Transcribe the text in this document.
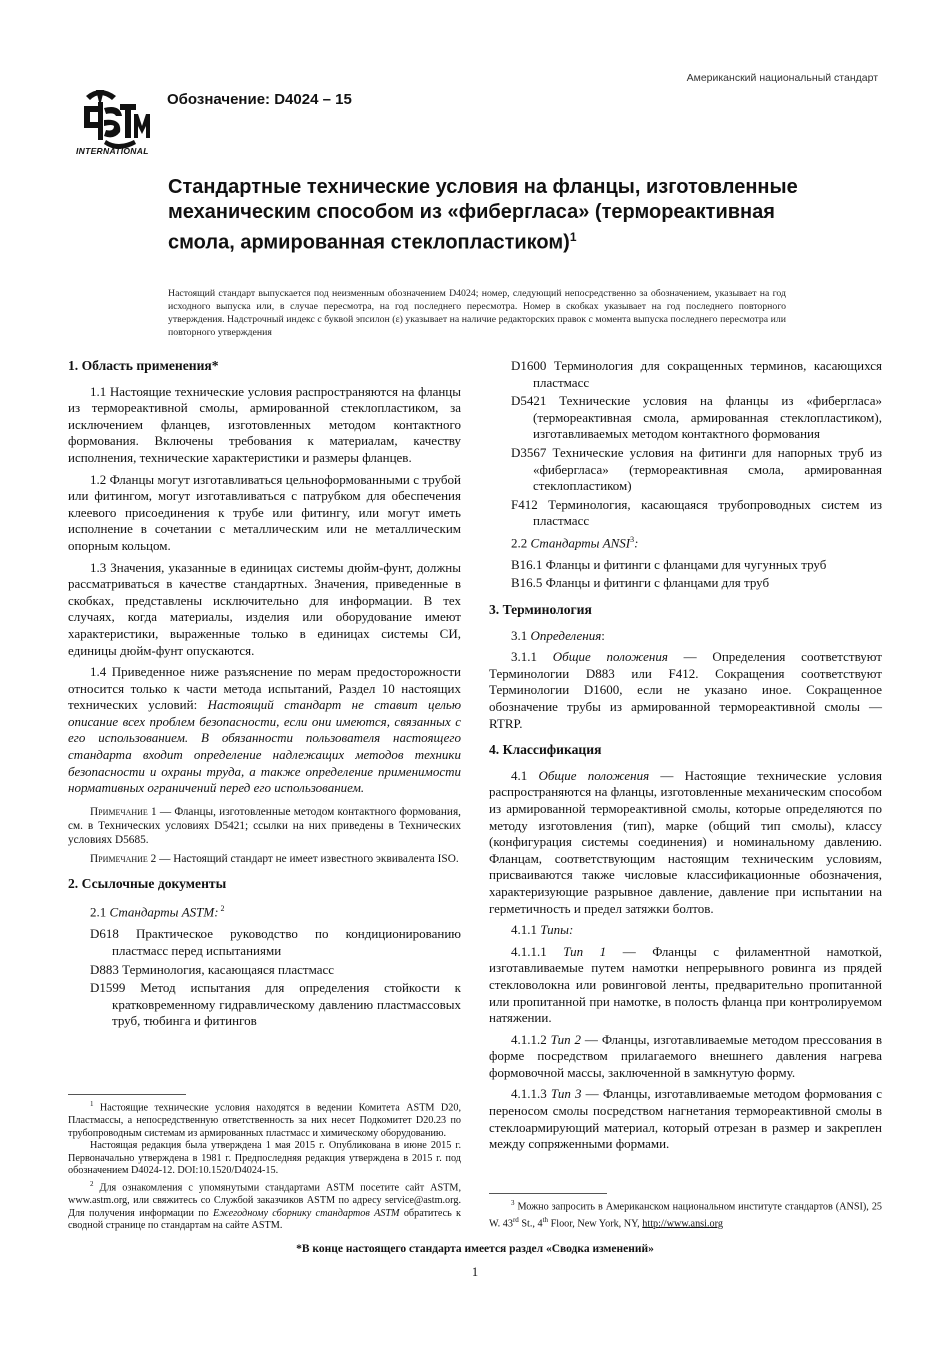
Американский национальный стандарт
INTERNATIONAL
Обозначение: D4024 – 15
Стандартные технические условия на фланцы, изготовленные механическим способом из «фибергласа» (термореактивная смола, армированная стеклопластиком)$^1$
Настоящий стандарт выпускается под неизменным обозначением D4024; номер, следующий непосредственно за обозначением, указывает на год исходного выпуска или, в случае пересмотра, на год последнего пересмотра. Номер в скобках указывает на год последнего повторного утверждения. Надстрочный индекс с буквой эпсилон (ε) указывает на наличие редакторских правок с момента выпуска последнего пересмотра или повторного утверждения

1. Область применения*

1.1 Настоящие технические условия распространяются на фланцы из термореактивной смолы, армированной стеклопластиком, за исключением фланцев, изготовленных методом контактного формования. Включены требования к материалам, качеству исполнения, технические характеристики и размеры фланцев.

1.2 Фланцы могут изготавливаться цельноформованными с трубой или фитингом, могут изготавливаться с патрубком для обеспечения клеевого присоединения к трубе или фитингу, или могут иметь исполнение в сочетании с металлическим или не металлическим опорным кольцом.

1.3 Значения, указанные в единицах системы дюйм-фунт, должны рассматриваться в качестве стандартных. Значения, приведенные в скобках, представлены исключительно для информации. В тех случаях, когда материалы, изделия или оборудование имеют характеристики, выраженные только в единицах системы СИ, единицы дюйм-фунт опускаются.

1.4 Приведенное ниже разъяснение по мерам предосторожности относится только к части метода испытаний, Раздел 10 настоящих технических условий: Настоящий стандарт не ставит целью описание всех проблем безопасности, если они имеются, связанных с его использованием. В обязанности пользователя настоящего стандарта входит определение надлежащих методов техники безопасности и охраны труда, а также определение применимости нормативных ограничений перед его использованием.

Примечание 1 — Фланцы, изготовленные методом контактного формования, см. в Технических условиях D5421; ссылки на них приведены в Технических условиях D5685.

Примечание 2 — Настоящий стандарт не имеет известного эквивалента ISO.

2. Ссылочные документы

2.1 Стандарты ASTM: $^2$

D618 Практическое руководство по кондиционированию пластмасс перед испытаниями

D883 Терминология, касающаяся пластмасс

D1599 Метод испытания для определения стойкости к кратковременному гидравлическому давлению пластмассовых труб, тюбинга и фитингов

$^1$ Настоящие технические условия находятся в ведении Комитета ASTM D20, Пластмассы, а непосредственную ответственность за них несет Подкомитет D20.23 по трубопроводным системам из армированных пластмасс и химическому оборудованию.

Настоящая редакция была утверждена 1 мая 2015 г. Опубликована в июне 2015 г. Первоначально утверждена в 1981 г. Предпоследняя редакция утверждена в 2015 г. под обозначением D4024-12. DOI:10.1520/D4024-15.

$^2$ Для ознакомления с упомянутыми стандартами ASTM посетите сайт ASTM, www.astm.org, или свяжитесь со Службой заказчиков ASTM по адресу service@astm.org. Для получения информации по Ежегодному сборнику стандартов ASTM обратитесь к сводной странице по стандартам на сайте ASTM.

D1600 Терминология для сокращенных терминов, касающихся пластмасс

D5421 Технические условия на фланцы из «фибергласа» (термореактивная смола, армированная стеклопластиком), изготавливаемых методом контактного формования

D3567 Технические условия на фитинги для напорных труб из «фибергласа» (термореактивная смола, армированная стеклопластиком)

F412 Терминология, касающаяся трубопроводных систем из пластмасс

2.2 Стандарты ANSI$^3$:

B16.1 Фланцы и фитинги с фланцами для чугунных труб

B16.5 Фланцы и фитинги с фланцами для труб

3. Терминология

3.1 Определения:

3.1.1 Общие положения — Определения соответствуют Терминологии D883 или F412. Сокращения соответствуют Терминологии D1600, если не указано иное. Сокращенное обозначение трубы из армированной термореактивной смолы — RTRP.

4. Классификация

4.1 Общие положения — Настоящие технические условия распространяются на фланцы, изготовленные механическим способом из армированной термореактивной смолы, которые определяются по методу изготовления (тип), марке (общий тип смолы), классу (конфигурация системы соединения) и номинальному давлению. Фланцам, соответствующим настоящим техническим условиям, присваиваются также числовые классификационные обозначения, характеризующие разрывное давление, давление при испытании на герметичность и предел затяжки болтов.

4.1.1 Типы:

4.1.1.1 Тип 1 — Фланцы с филаментной намоткой, изготавливаемые путем намотки непрерывного ровинга из прядей стекловолокна или ровинговой ленты, предварительно пропитанной или пропитанной при намотке, в полость фланца при контролируемом натяжении.

4.1.1.2 Тип 2 — Фланцы, изготавливаемые методом прессования в форме посредством прилагаемого внешнего давления нагрева формовочной массы, заключенной в замкнутую форму.

4.1.1.3 Тип 3 — Фланцы, изготавливаемые методом формования с переносом смолы посредством нагнетания термореактивной смолы в стеклоармирующий материал, который отрезан в размер и закреплен между сопряженными формами.

$^3$ Можно запросить в Американском национальном институте стандартов (ANSI), 25 W. 43rd St., 4th Floor, New York, NY, http://www.ansi.org

*В конце настоящего стандарта имеется раздел «Сводка изменений»
1
